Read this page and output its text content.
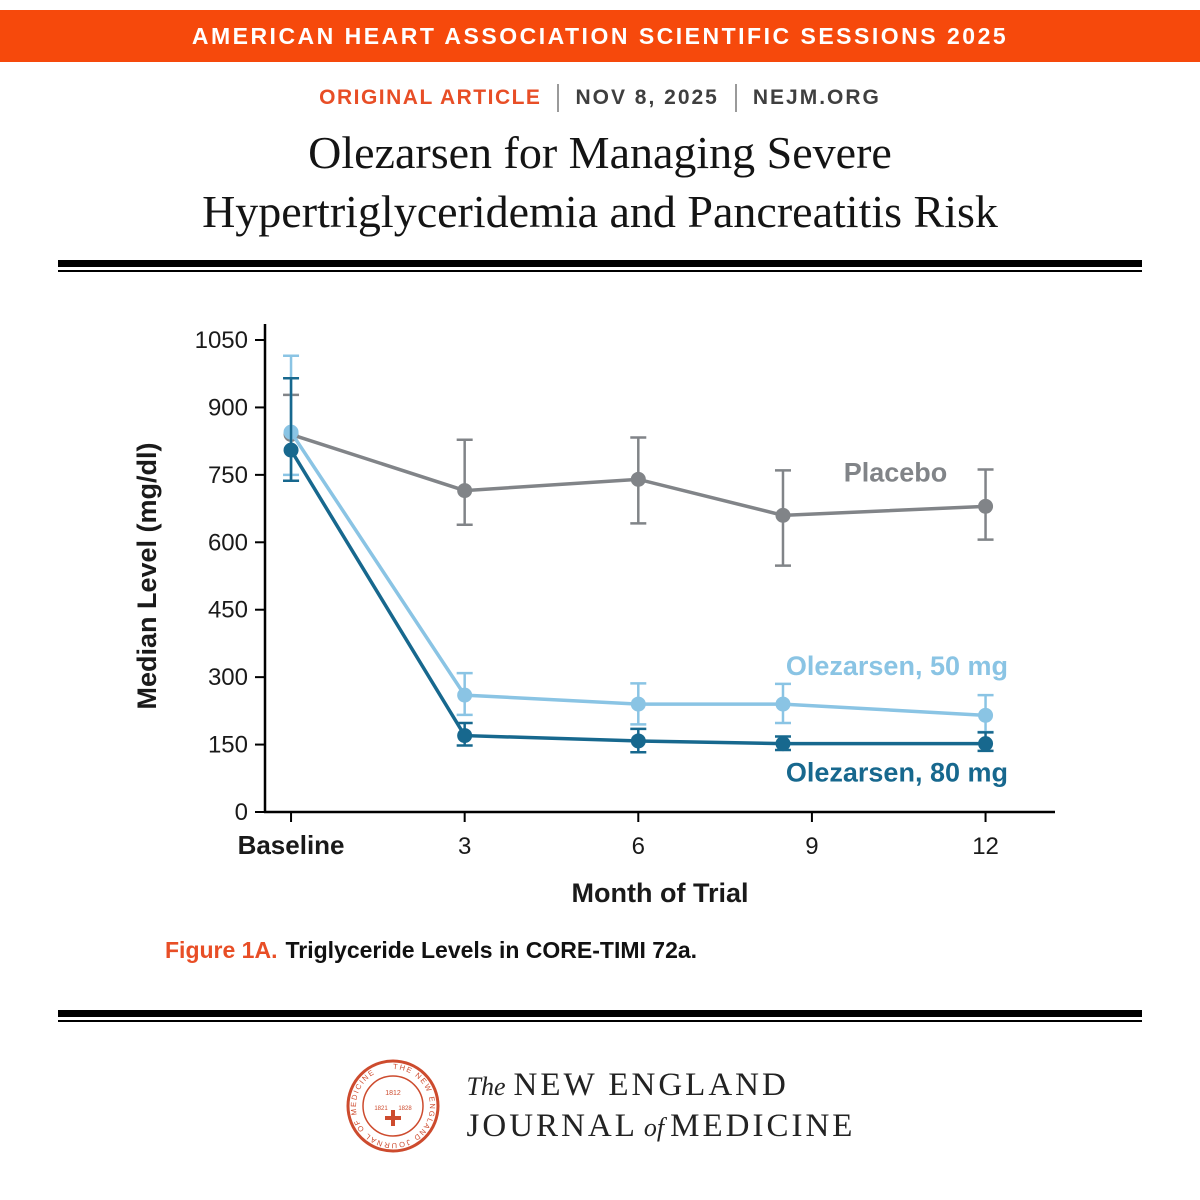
AMERICAN HEART ASSOCIATION SCIENTIFIC SESSIONS 2025
ORIGINAL ARTICLE NOV 8, 2025 NEJM.ORG
Olezarsen for Managing Severe
Hypertriglyceridemia and Pancreatitis Risk
0
150
300
450
600
750
900
1050
Baseline	3	6	9	12
Median Level (mg/dl)
Month of Trial
Placebo
Olezarsen, 50 mg
Olezarsen, 80 mg
Figure 1A. Triglyceride Levels in CORE-TIMI 72a.
THE NEW ENGLAND JOURNAL OF MEDICINE
1812
1821 1828
The NEW ENGLAND
JOURNAL of MEDICINE
